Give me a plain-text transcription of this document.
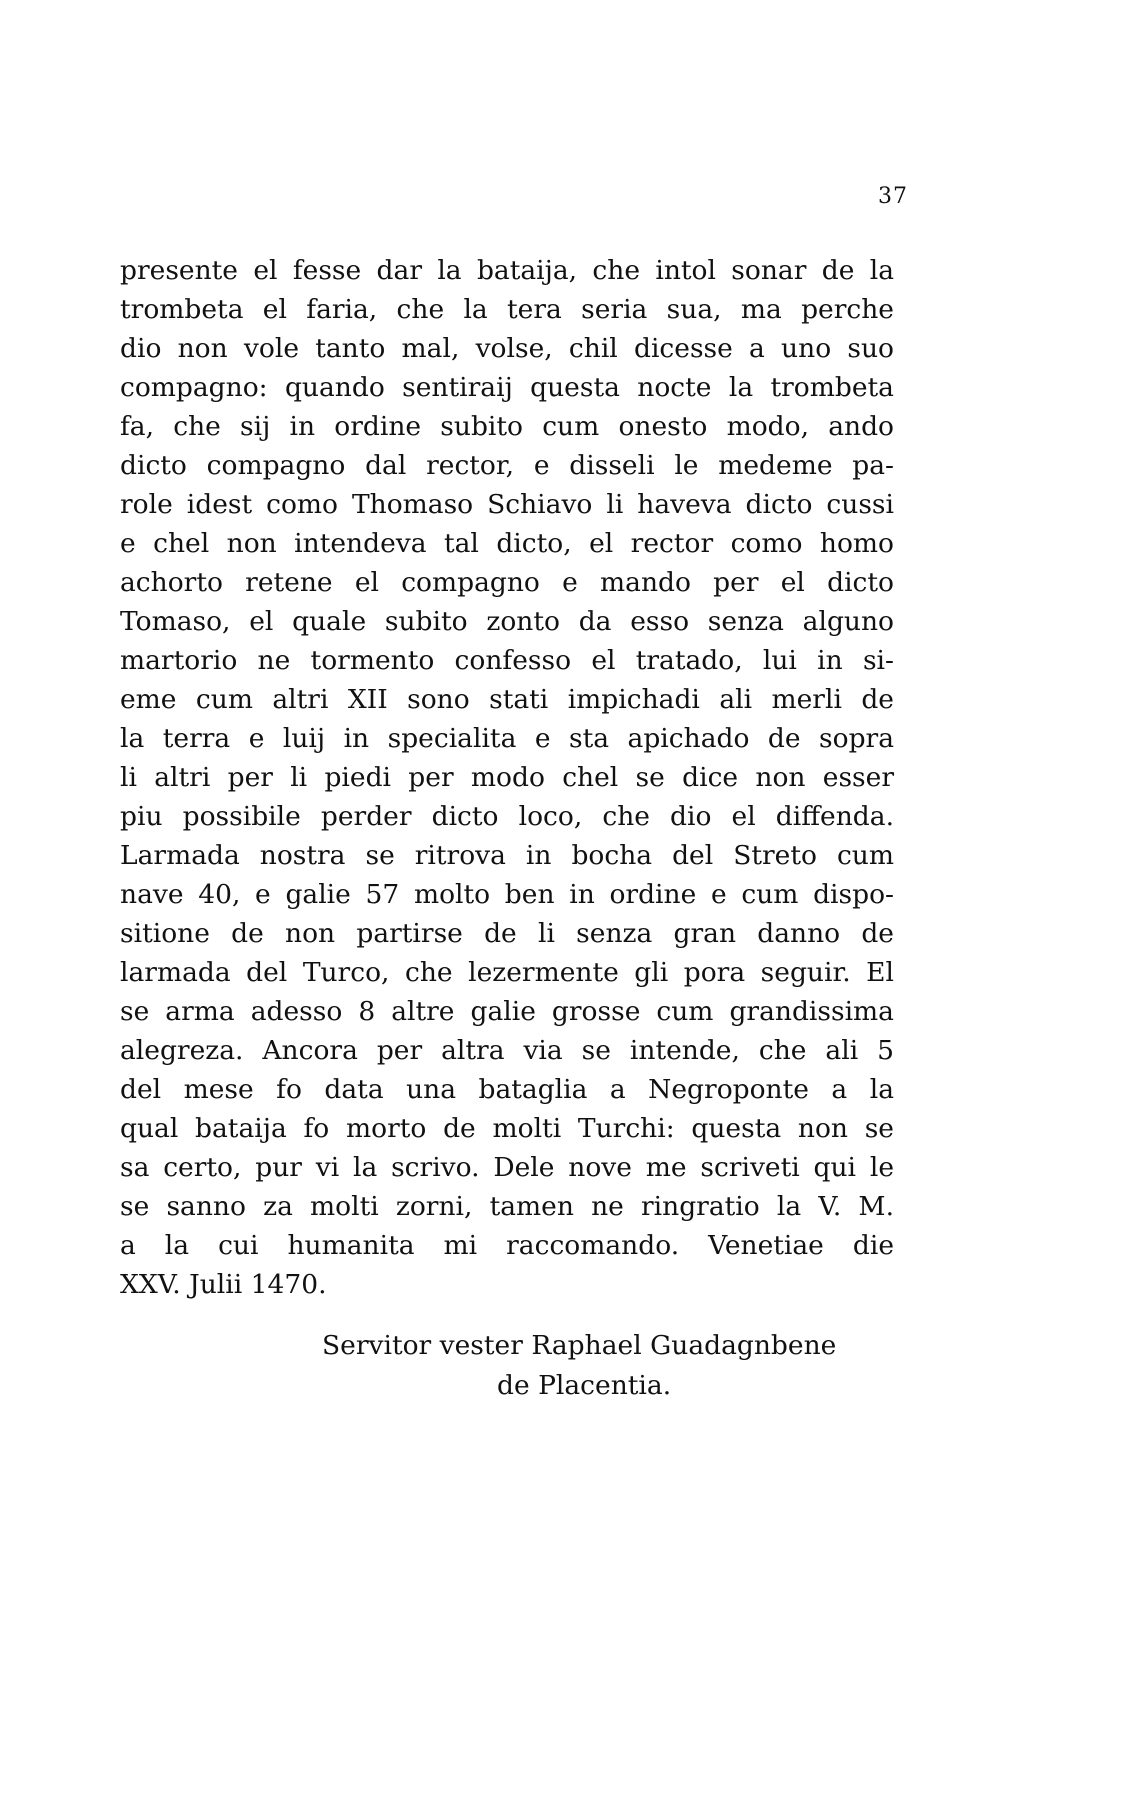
37
presente el fesse dar la bataija, che intol sonar de la
trombeta el faria, che la tera seria sua, ma perche
dio non vole tanto mal, volse, chil dicesse a uno suo
compagno: quando sentiraij questa nocte la trombeta
fa, che sij in ordine subito cum onesto modo, ando
dicto compagno dal rector, e disseli le medeme pa-
role idest como Thomaso Schiavo li haveva dicto cussi
e chel non intendeva tal dicto, el rector como homo
achorto retene el compagno e mando per el dicto
Tomaso, el quale subito zonto da esso senza alguno
martorio ne tormento confesso el tratado, lui in si-
eme cum altri XII sono stati impichadi ali merli de
la terra e luij in specialita e sta apichado de sopra
li altri per li piedi per modo chel se dice non esser
piu possibile perder dicto loco, che dio el diffenda.
Larmada nostra se ritrova in bocha del Streto cum
nave 40, e galie 57 molto ben in ordine e cum dispo-
sitione de non partirse de li senza gran danno de
larmada del Turco, che lezermente gli pora seguir. El
se arma adesso 8 altre galie grosse cum grandissima
alegreza. Ancora per altra via se intende, che ali 5
del mese fo data una bataglia a Negroponte a la
qual bataija fo morto de molti Turchi: questa non se
sa certo, pur vi la scrivo. Dele nove me scriveti qui le
se sanno za molti zorni, tamen ne ringratio la V. M.
a la cui humanita mi raccomando. Venetiae die
XXV. Julii 1470.
Servitor vester Raphael Guadagnbene
de Placentia.
